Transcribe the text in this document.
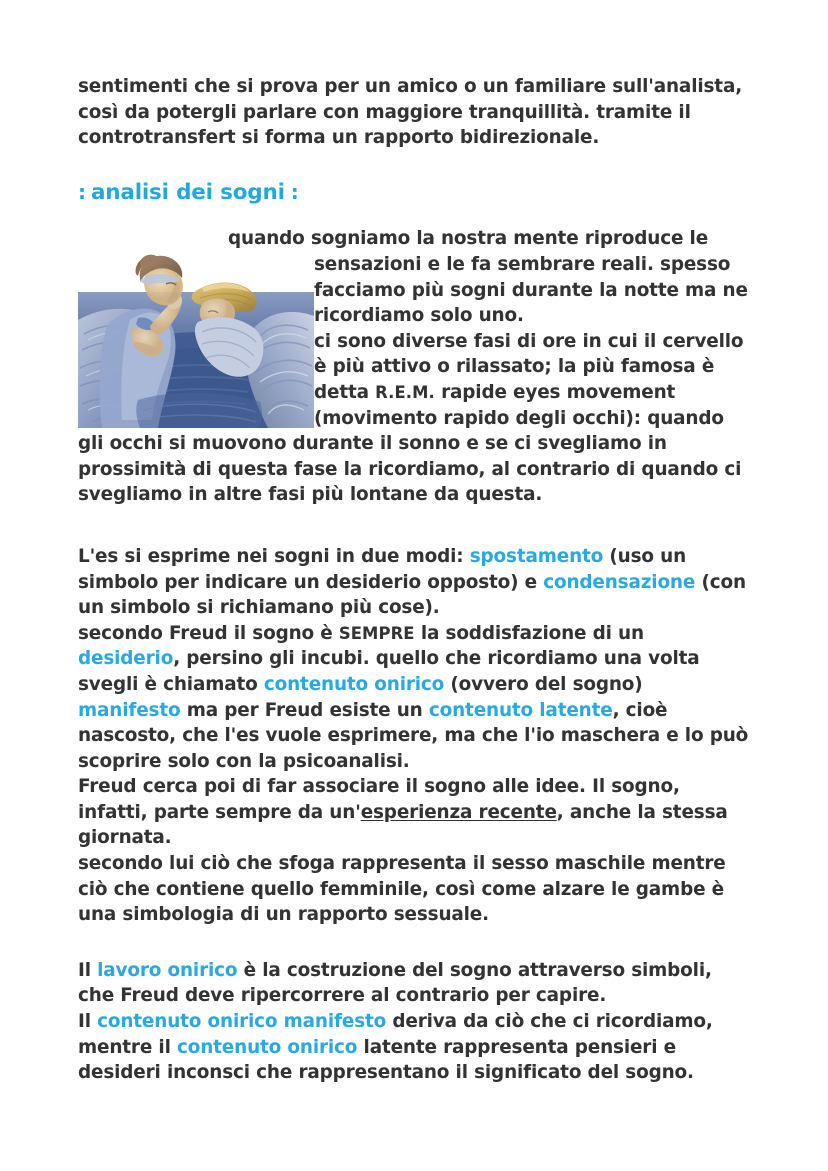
sentimenti che si prova per un amico o un familiare sull'analista,
così da potergli parlare con maggiore tranquillità. tramite il
controtransfert si forma un rapporto bidirezionale.

: analisi dei sogni :
quando sogniamo la nostra mente riproduce le sensazioni e le fa sembrare reali. spesso facciamo più sogni durante la notte ma ne ricordiamo solo uno.
ci sono diverse fasi di ore in cui il cervello è più attivo o rilassato; la più famosa è detta R.E.M. rapide eyes movement (movimento rapido degli occhi): quando gli occhi si muovono durante il sonno e se ci svegliamo in prossimità di questa fase la ricordiamo, al contrario di quando ci svegliamo in altre fasi più lontane da questa.

L'es si esprime nei sogni in due modi: spostamento (uso un simbolo per indicare un desiderio opposto) e condensazione (con un simbolo si richiamano più cose).

secondo Freud il sogno è SEMPRE la soddisfazione di un desiderio, persino gli incubi. quello che ricordiamo una volta svegli è chiamato contenuto onirico (ovvero del sogno) manifesto ma per Freud esiste un contenuto latente, cioè nascosto, che l'es vuole esprimere, ma che l'io maschera e lo può scoprire solo con la psicoanalisi.

Freud cerca poi di far associare il sogno alle idee. Il sogno, infatti, parte sempre da un'esperienza recente, anche la stessa giornata.

secondo lui ciò che sfoga rappresenta il sesso maschile mentre ciò che contiene quello femminile, così come alzare le gambe è una simbologia di un rapporto sessuale.

Il lavoro onirico è la costruzione del sogno attraverso simboli, che Freud deve ripercorrere al contrario per capire.
Il contenuto onirico manifesto deriva da ciò che ci ricordiamo, mentre il contenuto onirico latente rappresenta pensieri e desideri inconsci che rappresentano il significato del sogno.
